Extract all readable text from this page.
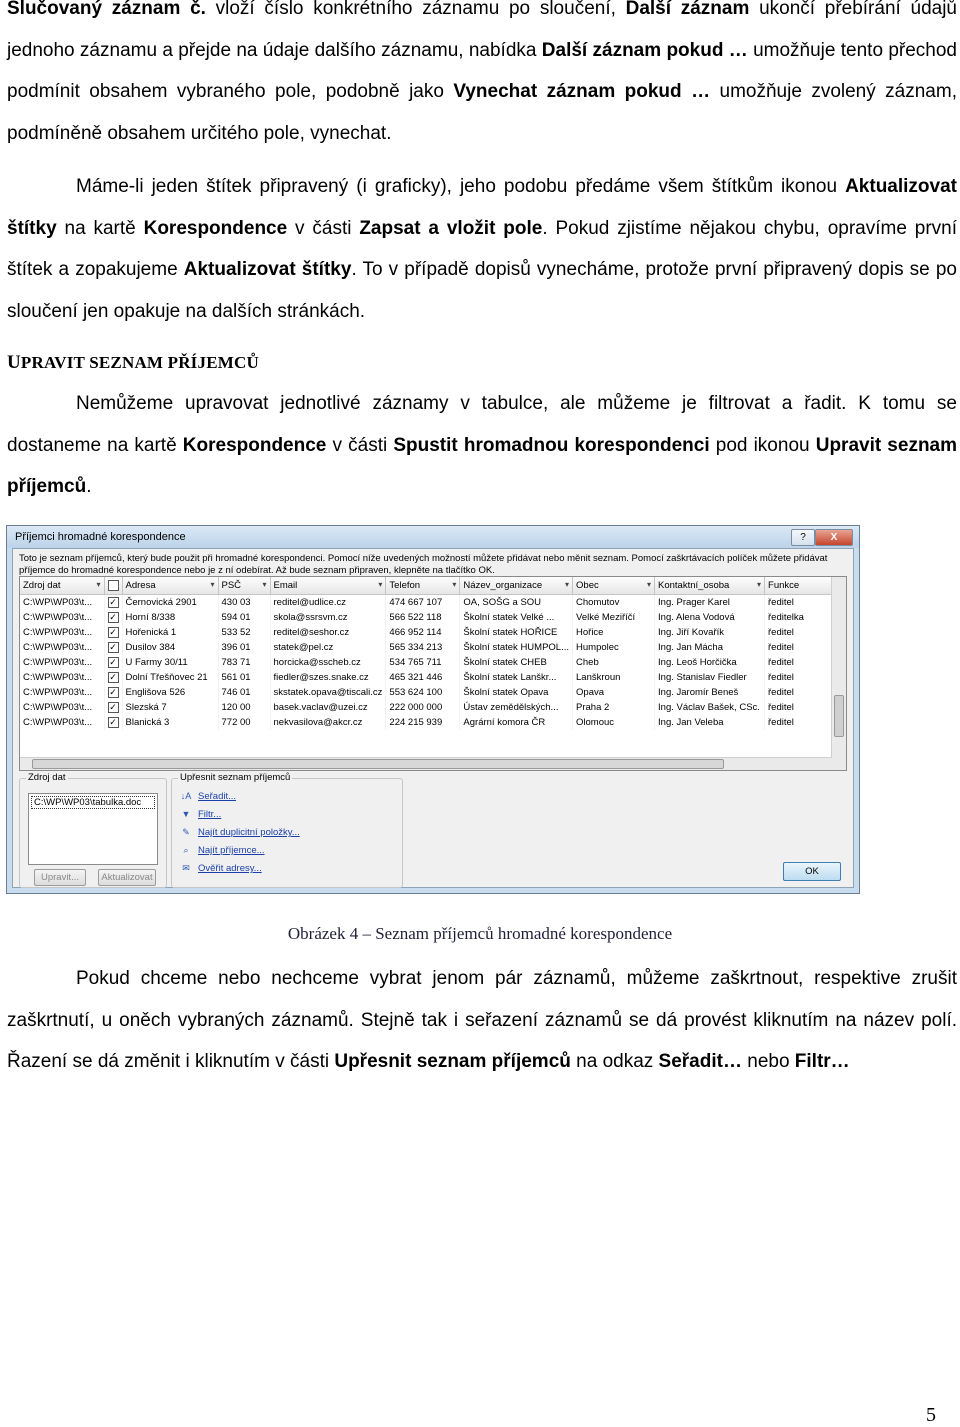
Slučovaný záznam č. vloží číslo konkrétního záznamu po sloučení, Další záznam ukončí přebírání údajů jednoho záznamu a přejde na údaje dalšího záznamu, nabídka Další záznam pokud … umožňuje tento přechod podmínit obsahem vybraného pole, podobně jako Vynechat záznam pokud … umožňuje zvolený záznam, podmíněně obsahem určitého pole, vynechat.

Máme-li jeden štítek připravený (i graficky), jeho podobu předáme všem štítkům ikonou Aktualizovat štítky na kartě Korespondence v části Zapsat a vložit pole. Pokud zjistíme nějakou chybu, opravíme první štítek a zopakujeme Aktualizovat štítky. To v případě dopisů vynecháme, protože první připravený dopis se po sloučení jen opakuje na dalších stránkách.

UPRAVIT SEZNAM PŘÍJEMCŮ

Nemůžeme upravovat jednotlivé záznamy v tabulce, ale můžeme je filtrovat a řadit. K tomu se dostaneme na kartě Korespondence v části Spustit hromadnou korespondenci pod ikonou Upravit seznam příjemců.

Příjemci hromadné korespondence	?	X
Toto je seznam příjemců, který bude použit při hromadné korespondenci. Pomocí níže uvedených možností můžete přidávat nebo měnit seznam. Pomocí zaškrtávacích políček můžete přidávat příjemce do hromadné korespondence nebo je z ní odebírat. Až bude seznam připraven, klepněte na tlačítko OK.
Zdroj dat ▾		Adresa ▾	PSČ ▾	Email ▾	Telefon ▾	Název_organizace ▾	Obec ▾	Kontaktní_osoba ▾	Funkce

C:\WP\WP03\t...	✓	Černovická 2901	430 03	reditel@udlice.cz	474 667 107	OA, SOŠG a SOU	Chomutov	Ing. Prager Karel	ředitel
C:\WP\WP03\t...	✓	Horní 8/338	594 01	skola@ssrsvm.cz	566 522 118	Školní statek Velké ...	Velké Meziříčí	Ing. Alena Vodová	ředitelka
C:\WP\WP03\t...	✓	Hořenická 1	533 52	reditel@seshor.cz	466 952 114	Školní statek HOŘICE	Hořice	Ing. Jiří Kovařík	ředitel
C:\WP\WP03\t...	✓	Dusilov 384	396 01	statek@pel.cz	565 334 213	Školní statek HUMPOL...	Humpolec	Ing. Jan Mácha	ředitel
C:\WP\WP03\t...	✓	U Farmy 30/11	783 71	horcicka@sscheb.cz	534 765 711	Školní statek CHEB	Cheb	Ing. Leoš Horčička	ředitel
C:\WP\WP03\t...	✓	Dolní Třešňovec 21	561 01	fiedler@szes.snake.cz	465 321 446	Školní statek Lanškr...	Lanškroun	Ing. Stanislav Fiedler	ředitel
C:\WP\WP03\t...	✓	Englišova 526	746 01	skstatek.opava@tiscali.cz	553 624 100	Školní statek Opava	Opava	Ing. Jaromír Beneš	ředitel
C:\WP\WP03\t...	✓	Slezská 7	120 00	basek.vaclav@uzei.cz	222 000 000	Ústav zemědělských...	Praha 2	Ing. Václav Bašek, CSc.	ředitel
C:\WP\WP03\t...	✓	Blanická 3	772 00	nekvasilova@akcr.cz	224 215 939	Agrární komora ČR	Olomouc	Ing. Jan Veleba	ředitel
Zdroj dat
C:\WP\WP03\tabulka.doc
Upravit...	Aktualizovat
Upřesnit seznam příjemců
↓A Seřadit...
▼ Filtr...
✎ Najít duplicitní položky...
⌕ Najít příjemce...
✉ Ověřit adresy...	OK

Obrázek 4 – Seznam příjemců hromadné korespondence

Pokud chceme nebo nechceme vybrat jenom pár záznamů, můžeme zaškrtnout, respektive zrušit zaškrtnutí, u oněch vybraných záznamů. Stejně tak i seřazení záznamů se dá provést kliknutím na název polí. Řazení se dá změnit i kliknutím v části Upřesnit seznam příjemců na odkaz Seřadit… nebo Filtr…

5
